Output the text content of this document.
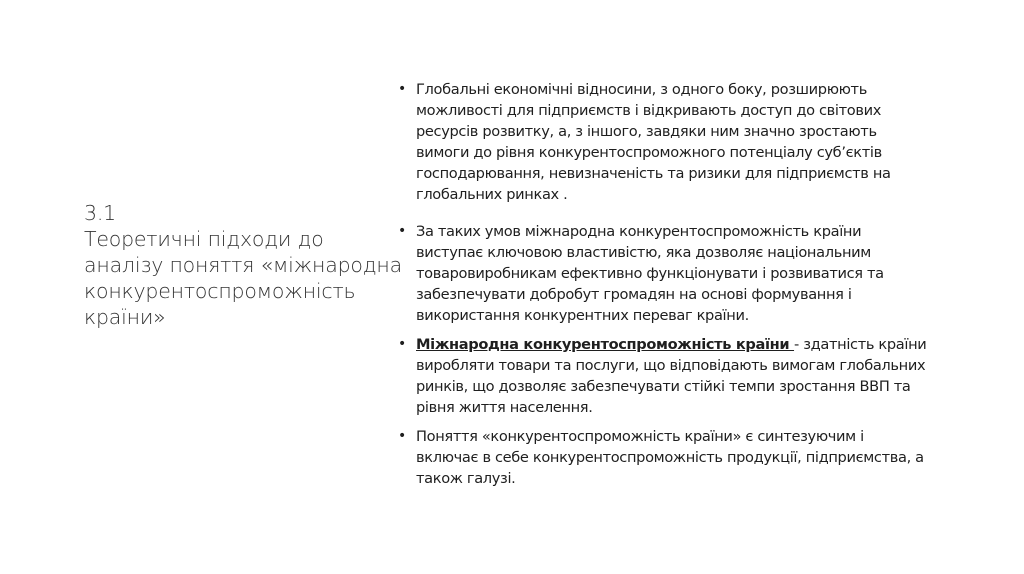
3.1
Теоретичні підходи до
аналізу поняття «міжнародна
конкурентоспроможність
країни»
• Глобальні економічні відносини, з одного боку, розширюють
можливості для підприємств і відкривають доступ до світових
ресурсів розвитку, а, з іншого, завдяки ним значно зростають
вимоги до рівня конкурентоспроможного потенціалу суб’єктів
господарювання, невизначеність та ризики для підприємств на
глобальних ринках .
• За таких умов міжнародна конкурентоспроможність країни
виступає ключовою властивістю, яка дозволяє національним
товаровиробникам ефективно функціонувати і розвиватися та
забезпечувати добробут громадян на основі формування і
використання конкурентних переваг країни.
• Міжнародна конкурентоспроможність країни - здатність країни
виробляти товари та послуги, що відповідають вимогам глобальних
ринків, що дозволяє забезпечувати стійкі темпи зростання ВВП та
рівня життя населення.
• Поняття «конкурентоспроможність країни» є синтезуючим і
включає в себе конкурентоспроможність продукції, підприємства, а
також галузі.
